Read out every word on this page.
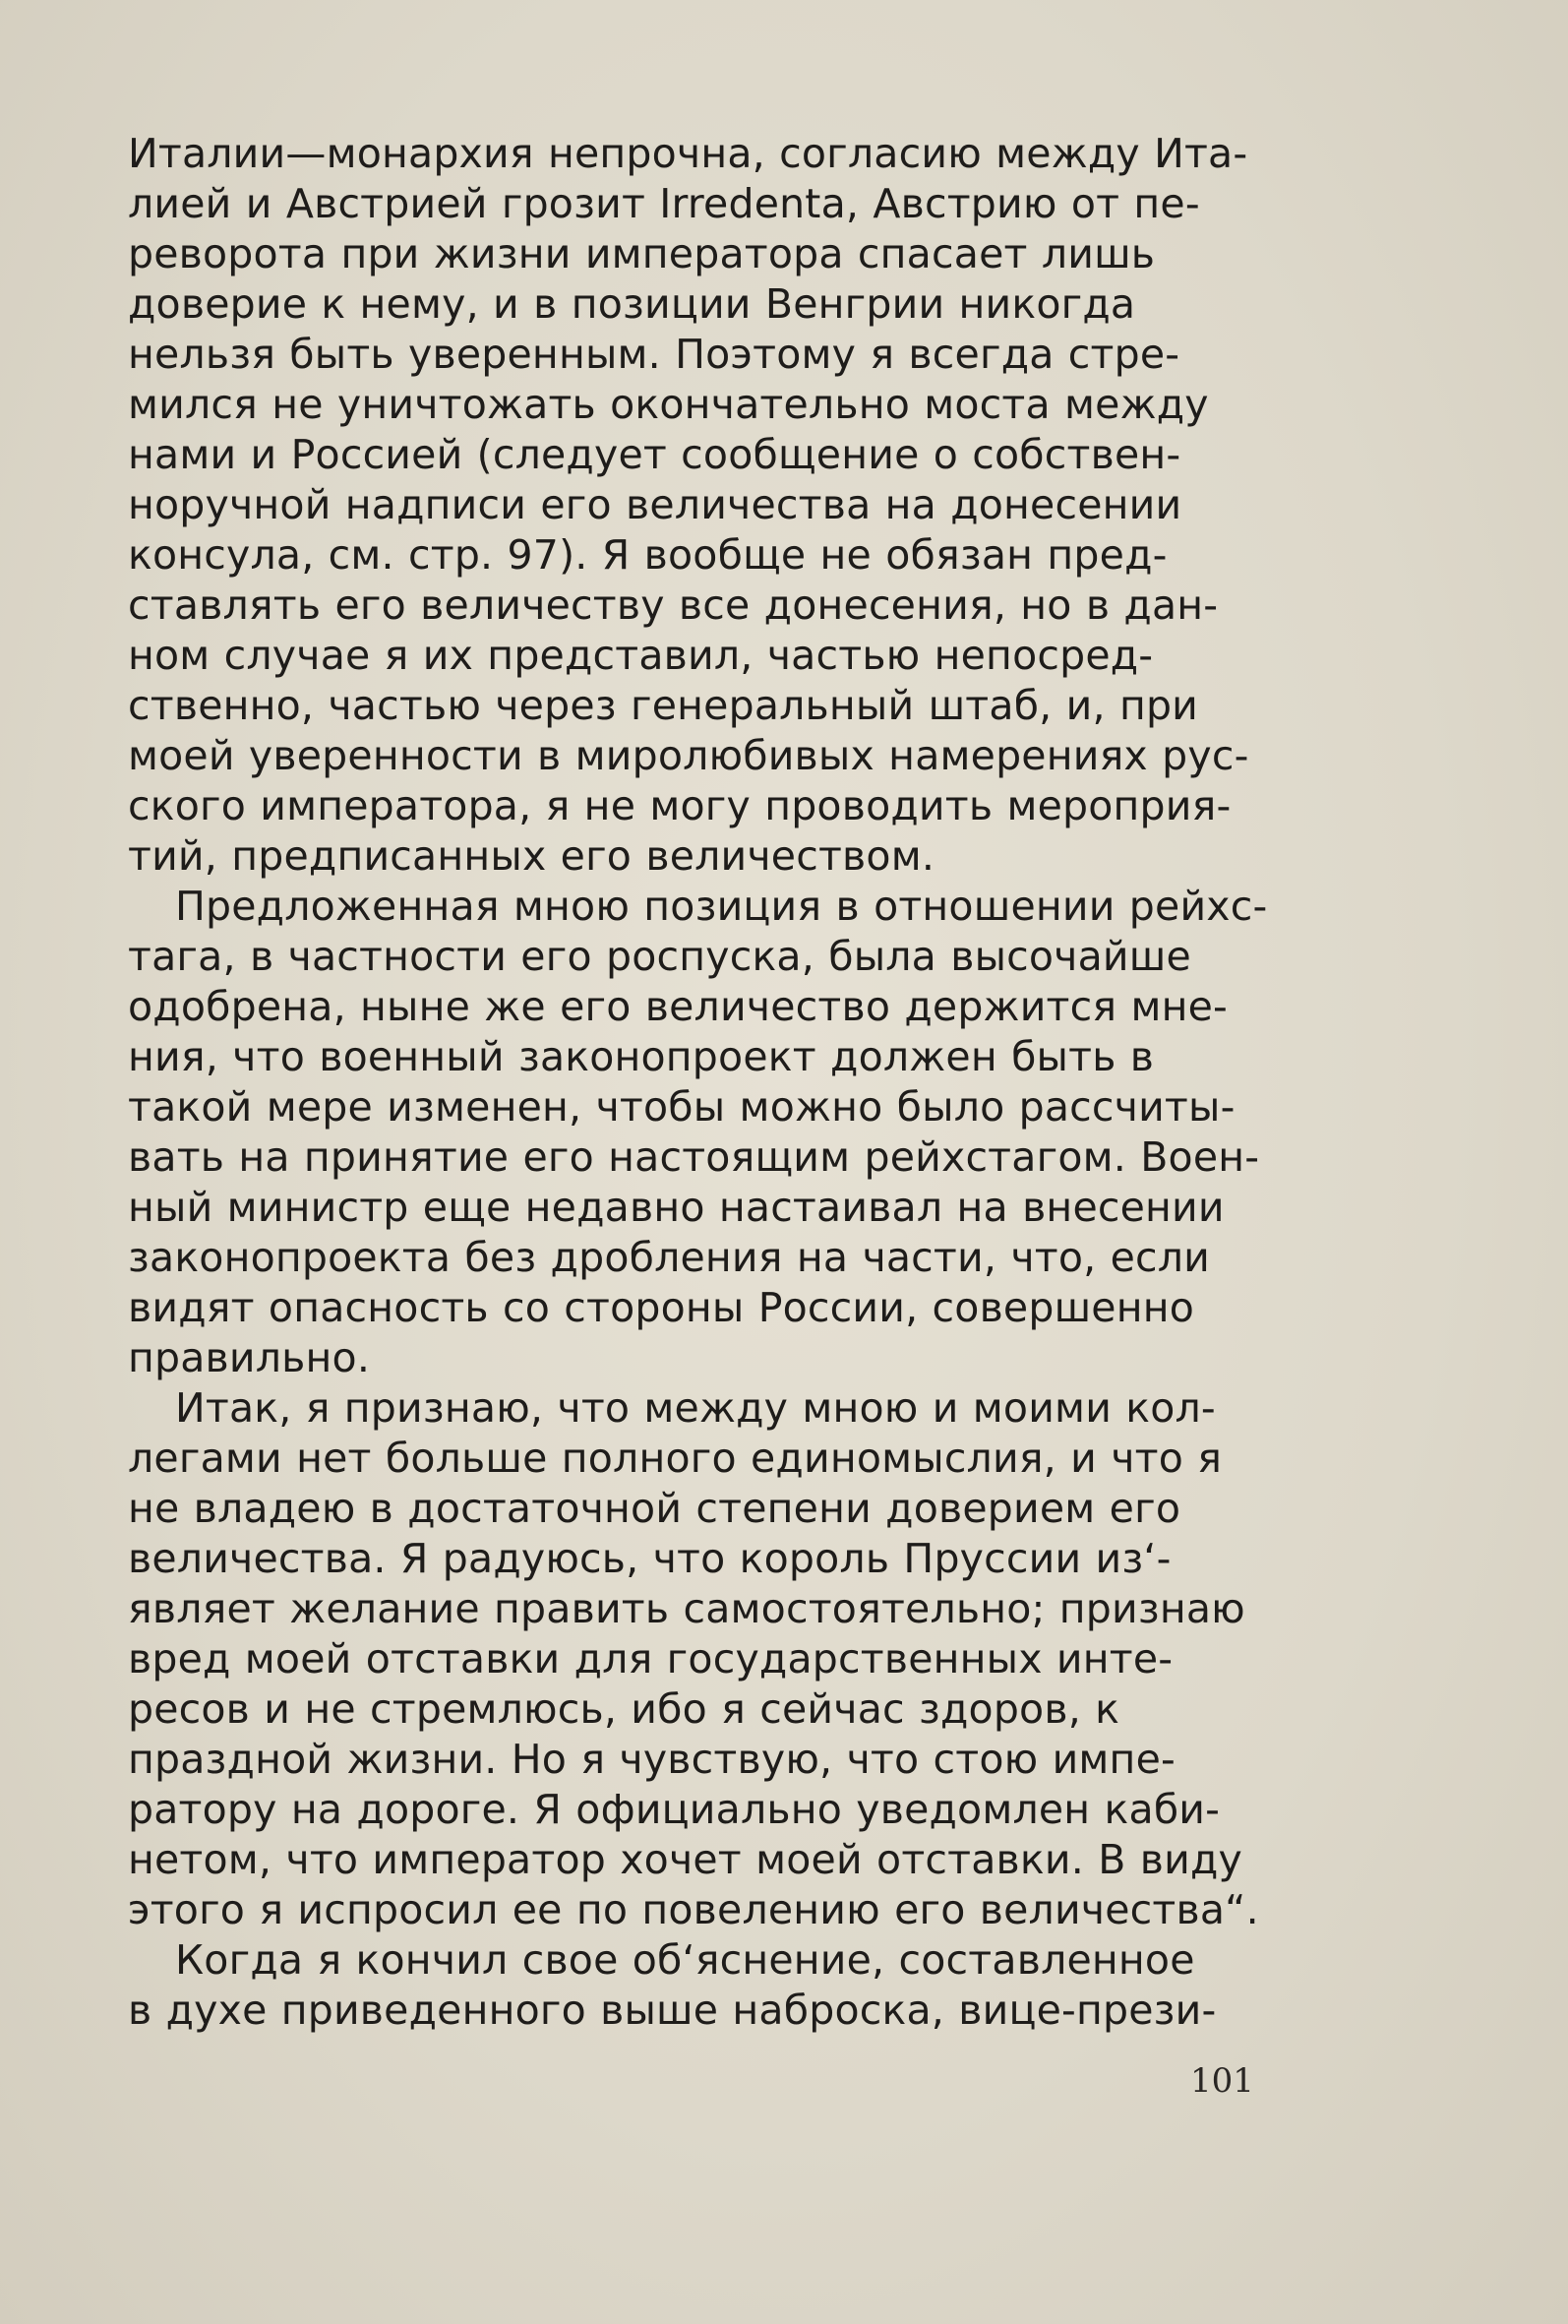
Италии—монархия непрочна, согласию между Ита-
лией и Австрией грозит Irredenta, Австрию от пе-
реворота при жизни императора спасает лишь
доверие к нему, и в позиции Венгрии никогда
нельзя быть уверенным. Поэтому я всегда стре-
мился не уничтожать окончательно моста между
нами и Россией (следует сообщение о собствен-
норучной надписи его величества на донесении
консула, см. стр. 97). Я вообще не обязан пред-
ставлять его величеству все донесения, но в дан-
ном случае я их представил, частью непосред-
ственно, частью через генеральный штаб, и, при
моей уверенности в миролюбивых намерениях рус-
ского императора, я не могу проводить мероприя-
тий, предписанных его величеством.
Предложенная мною позиция в отношении рейхс-
тага, в частности его роспуска, была высочайше
одобрена, ныне же его величество держится мне-
ния, что военный законопроект должен быть в
такой мере изменен, чтобы можно было рассчиты-
вать на принятие его настоящим рейхстагом. Воен-
ный министр еще недавно настаивал на внесении
законопроекта без дробления на части, что, если
видят опасность со стороны России, совершенно
правильно.
Итак, я признаю, что между мною и моими кол-
легами нет больше полного единомыслия, и что я
не владею в достаточной степени доверием его
величества. Я радуюсь, что король Пруссии из‘-
являет желание править самостоятельно; признаю
вред моей отставки для государственных инте-
ресов и не стремлюсь, ибо я сейчас здоров, к
праздной жизни. Но я чувствую, что стою импе-
ратору на дороге. Я официально уведомлен каби-
нетом, что император хочет моей отставки. В виду
этого я испросил ее по повелению его величества“.
Когда я кончил свое об‘яснение, составленное
в духе приведенного выше наброска, вице-прези-
101
